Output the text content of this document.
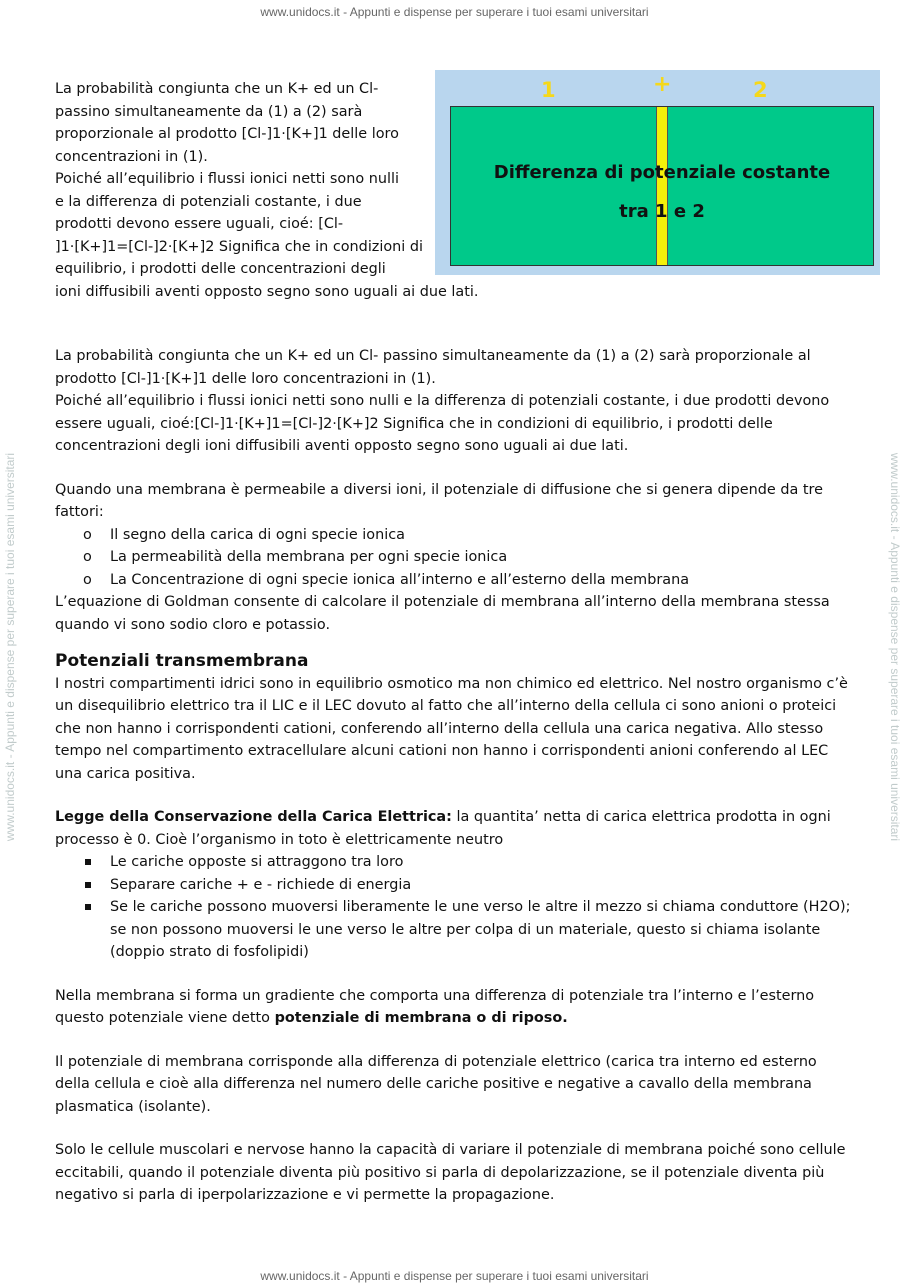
www.unidocs.it - Appunti e dispense per superare i tuoi esami universitari
www.unidocs.it - Appunti e dispense per superare i tuoi esami universitari	www.unidocs.it - Appunti e dispense per superare i tuoi esami universitari
1	+	2
Differenza di potenziale costante
tra 1 e 2
La probabilità congiunta che un K+ ed un Cl-
passino simultaneamente da (1) a (2) sarà
proporzionale al prodotto [Cl-]1·[K+]1 delle loro
concentrazioni in (1).
Poiché all’equilibrio i flussi ionici netti sono nulli
e la differenza di potenziali costante, i due
prodotti devono essere uguali, cioé: [Cl-
]1·[K+]1=[Cl-]2·[K+]2 Significa che in condizioni di
equilibrio, i prodotti delle concentrazioni degli
ioni diffusibili aventi opposto segno sono uguali ai due lati.

La probabilità congiunta che un K+ ed un Cl- passino simultaneamente da (1) a (2) sarà proporzionale al prodotto [Cl-]1·[K+]1 delle loro concentrazioni in (1).

Poiché all’equilibrio i flussi ionici netti sono nulli e la differenza di potenziali costante, i due prodotti devono essere uguali, cioé:[Cl-]1·[K+]1=[Cl-]2·[K+]2 Significa che in condizioni di equilibrio, i prodotti delle concentrazioni degli ioni diffusibili aventi opposto segno sono uguali ai due lati.

Quando una membrana è permeabile a diversi ioni, il potenziale di diffusione che si genera dipende da tre fattori:

o Il segno della carica di ogni specie ionica
o La permeabilità della membrana per ogni specie ionica
o La Concentrazione di ogni specie ionica all’interno e all’esterno della membrana

L’equazione di Goldman consente di calcolare il potenziale di membrana all’interno della membrana stessa quando vi sono sodio cloro e potassio.

Potenziali transmembrana

I nostri compartimenti idrici sono in equilibrio osmotico ma non chimico ed elettrico. Nel nostro organismo c’è un disequilibrio elettrico tra il LIC e il LEC dovuto al fatto che all’interno della cellula ci sono anioni o proteici che non hanno i corrispondenti cationi, conferendo all’interno della cellula una carica negativa. Allo stesso tempo nel compartimento extracellulare alcuni cationi non hanno i corrispondenti anioni conferendo al LEC una carica positiva.

Legge della Conservazione della Carica Elettrica: la quantita’ netta di carica elettrica prodotta in ogni processo è 0. Cioè l’organismo in toto è elettricamente neutro

Le cariche opposte si attraggono tra loro
Separare cariche + e - richiede di energia
Se le cariche possono muoversi liberamente le une verso le altre il mezzo si chiama conduttore (H2O); se non possono muoversi le une verso le altre per colpa di un materiale, questo si chiama isolante (doppio strato di fosfolipidi)

Nella membrana si forma un gradiente che comporta una differenza di potenziale tra l’interno e l’esterno questo potenziale viene detto potenziale di membrana o di riposo.

Il potenziale di membrana corrisponde alla differenza di potenziale elettrico (carica tra interno ed esterno della cellula e cioè alla differenza nel numero delle cariche positive e negative a cavallo della membrana plasmatica (isolante).

Solo le cellule muscolari e nervose hanno la capacità di variare il potenziale di membrana poiché sono cellule eccitabili, quando il potenziale diventa più positivo si parla di depolarizzazione, se il potenziale diventa più negativo si parla di iperpolarizzazione e vi permette la propagazione.

www.unidocs.it - Appunti e dispense per superare i tuoi esami universitari
